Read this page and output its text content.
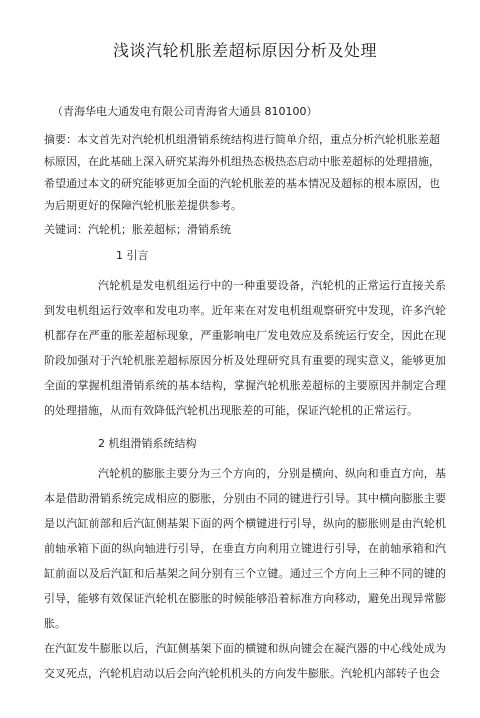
浅谈汽轮机胀差超标原因分析及处理
（青海华电大通发电有限公司青海省大通县 810100）
摘要：本文首先对汽轮机机组滑销系统结构进行简单介绍，重点分析汽轮机胀差超标原因，在此基础上深入研究某海外机组热态极热态启动中胀差超标的处理措施，希望通过本文的研究能够更加全面的汽轮机胀差的基本情况及超标的根本原因，也为后期更好的保障汽轮机胀差提供参考。
关键词：汽轮机；胀差超标；滑销系统
1 引言
汽轮机是发电机组运行中的一种重要设备，汽轮机的正常运行直接关系到发电机组运行效率和发电功率。近年来在对发电机组观察研究中发现，许多汽轮机都存在严重的胀差超标现象，严重影响电厂发电效应及系统运行安全，因此在现阶段加强对于汽轮机胀差超标原因分析及处理研究具有重要的现实意义，能够更加全面的掌握机组滑销系统的基本结构，掌握汽轮机胀差超标的主要原因并制定合理的处理措施，从而有效降低汽轮机出现胀差的可能，保证汽轮机的正常运行。
2 机组滑销系统结构
汽轮机的膨胀主要分为三个方向的，分别是横向、纵向和垂直方向，基本是借助滑销系统完成相应的膨胀，分别由不同的键进行引导。其中横向膨胀主要是以汽缸前部和后汽缸侧基架下面的两个横键进行引导，纵向的膨胀则是由汽轮机前轴承箱下面的纵向轴进行引导，在垂直方向利用立键进行引导，在前轴承箱和汽缸前面以及后汽缸和后基架之间分别有三个立键。通过三个方向上三种不同的键的引导，能够有效保证汽轮机在膨胀的时候能够沿着标准方向移动，避免出现异常膨胀。
在汽缸发牛膨胀以后，汽缸侧基架下面的横键和纵向键会在凝汽器的中心线处成为交叉死点，汽轮机启动以后会向汽轮机机头的方向发牛膨胀。汽轮机内部转子也会
